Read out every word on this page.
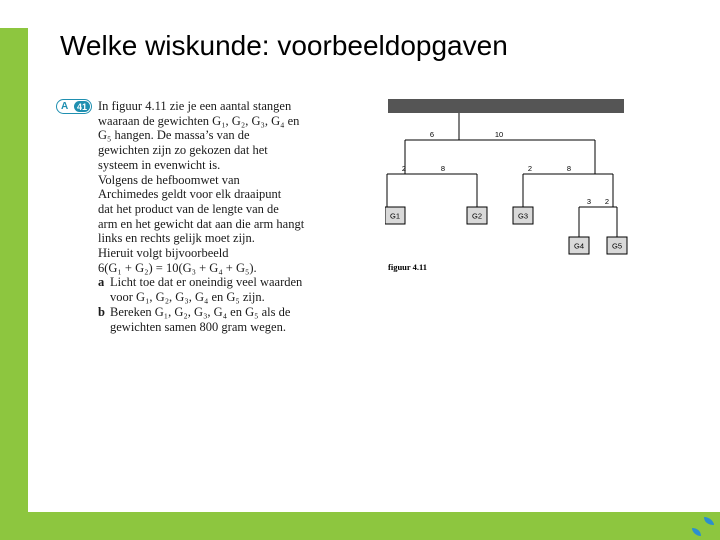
Welke wiskunde: voorbeeldopgaven
A 41 In figuur 4.11 zie je een aantal stangen
waaraan de gewichten G₁, G₂, G₃, G₄ en
G₅ hangen. De massa’s van de
gewichten zijn zo gekozen dat het
systeem in evenwicht is.
Volgens de hefboomwet van
Archimedes geldt voor elk draaipunt
dat het product van de lengte van de
arm en het gewicht dat aan die arm hangt
links en rechts gelijk moet zijn.
Hieruit volgt bijvoorbeeld
6(G₁ + G₂) = 10(G₃ + G₄ + G₅).
a Licht toe dat er oneindig veel waarden
voor G₁, G₂, G₃, G₄ en G₅ zijn.
b Bereken G₁, G₂, G₃, G₄ en G₅ als de
gewichten samen 800 gram wegen.
6	10
2	8	2	8
3 2
G1	G2	G3
G4	G5
figuur 4.11
